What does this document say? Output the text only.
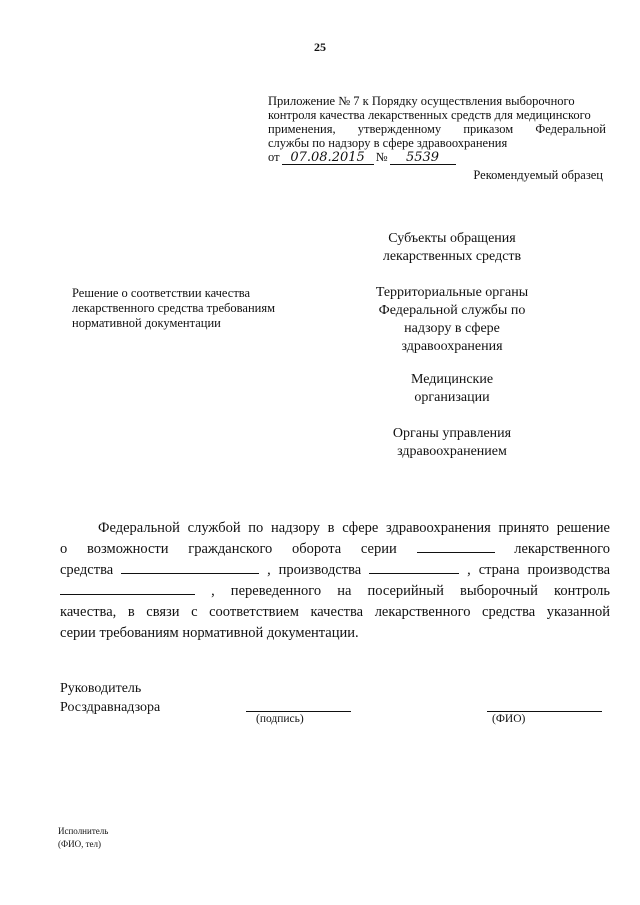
25
Приложение № 7 к Порядку осуществления выборочного
контроля качества лекарственных средств для медицинского
применения, утвержденному приказом Федеральной
службы по надзору в сфере здравоохранения
от 07.08.2015 №	5539
Рекомендуемый образец
Субъекты обращения
лекарственных средств
Территориальные органы
Федеральной службы по
надзору в сфере
здравоохранения
Медицинские
организации
Органы управления
здравоохранением
Решение о соответствии качества
лекарственного средства требованиям
нормативной документации

Федеральной службой по надзору в сфере здравоохранения принято решение

о возможности гражданского оборота серии	лекарственного

средства	, производства	, страна производства

, переведенного на посерийный выборочный контроль

качества, в связи с соответствием качества лекарственного средства указанной

серии требованиям нормативной документации.

Руководитель
Росздравнадзора
(подпись)	(ФИО)
Исполнитель
(ФИО, тел)
